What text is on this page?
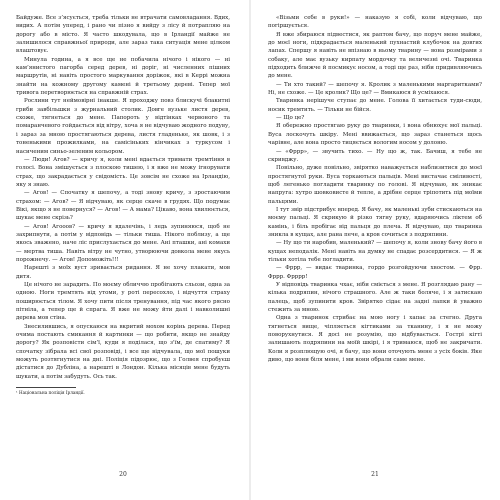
Байдуже. Все з’ясується, треба тільки не втрачати самовладання. Вдих, видих. А потім уперед, і рано чи пізно я вийду з лісу й потрапляю на дорогу або в місто. Я часто шкодувала, що в Ірландії майже не залишилося справжньої природи, але зараз така ситуація мене цілком влаштовує.

Минула година, а я все ще не побачила нічого і нікого — ні кам’янистого пагорба серед дерев, ні доріг, ні численних пішних маршрутів, ні навіть простого маркування доріжок, які в Керрі можна знайти на кожному другому камені й третьому дереві. Тепер мої тривога перетворюється на справжній страх.

Рослини тут неймовірні інакше. Я проходжу повз блискучі блакитні гриби завбільшки з журнальний столик. Довге вузьке листя дерев, схоже, тягнеться до мене. Папороть у відтінках червоного та помаранчевого гойдається від вітру, хоча я не відчуваю жодного подуву, і зараз за мною простягаються дерева, листя гладеньке, як шовк, і з тоненькими прожилками, на самісіньких кінчиках з туркусом і насиченим синьо-зеленим кольором.

— Люди! Агов? — кричу я, коли мені вдається тримати тремтіння в голосі. Вона змішується з плоскою тишею, і я вже не можу ігнорувати страх, що закрадається у свідомість. Це зовсім не схоже на Ірландію, яку я знаю.

— Агов! — Спочатку я шепочу, а тоді знову кричу, з зростаючим страхом: — Агов? — Я відчуваю, як серце скаче в грудях. Що подумає Вікі, якщо я не повернуся? — Агов! — А мама? Цікаво, вона хвилюється, шукає мене скрізь?

— Агов! Агооов? — кричу я вдалечінь, і ледь зупиняюся, щоб не захрипнути, а потім у відповідь — тільки тиша. Нікого поблизу, а ще якось зважено, наче ліс прислухається до мене. Ані пташки, ані комахи — мертва тиша. Навіть вітру не чутно, утворюючи довкола мене якусь порожнечу. — Агов! Допоможіть!!!

Нарешті з моїх вуст зривається ридання. Я не хочу плакати, мов дитя.

Це нічого не зарадить. По моєму обличчю пробігають сльози, одна за одною. Ноги тремтять від утоми, у роті пересохло, і відчуття страху поширюється тілом. Я хочу пити після тренування, під час якого рясно пітніла, а тепер ще й спрага. Я вже не можу йти далі і навколишні дерева мов стіна.

Знесилившись, я опускаюся на вкритий мохом корінь дерева. Перед очима постають смикання й картинки — що робити, якщо не знайду дорогу? Як розповісти сім’ї, куди я поділася, що з'їм, де спатиму? Я спочатку зібрала всі свої розповіді, і все ще відчувала, що мої пошуки можуть розтягнутися на дні. Поліція підозрює, що з Голвея спробуєш дістатися до Дубліна, а нарешті в Лондон. Кілька місяців мене будуть шукати, а потім забудуть. Ось так.

¹ Національна поліція Ірландії.
20

«Візьми себе в руки!» — наказую я собі, коли відчуваю, що погіршується.

Я вже збираюся підвестися, як раптом бачу, що поруч мене майже, до моєї ноги, підкрадається маленький пухнастий клубочок на довгих лапах. Спершу я навіть не впізнаю в ньому тварину — вона розмірами з собаку, але має вузьку кирпату мордочку та величезні очі. Тваринка підходить ближче й посмикує носом, а тоді ще раз, ніби придивляючись до мене.

— Ти хто такий? — шепочу я. Кролик з маленькими маргаритками? Ні, не схоже. — Це кролик? Що це? — Вмикаюся й усміхаюся.

Тваринка нерішуче ступає до мене. Голова її хитається туди-сюди, носик тремтить. — Тільки не бійся.

— Що це?

Я обережно простягаю руку до тваринки, і вона обнюхує мої пальці. Вуса лоскочуть шкіру. Мені ввижається, що зараз станеться щось чарівне, але вона просто тицяється вологим носом у долоню.

— «Фррр», — звучить тихо. — Ну що ж, так. Бачиш, я тебе не скривджу.

Повільно, дуже повільно, звірятко наважується наблизитися до моєї простягнутої руки. Вуса торкаються пальців. Мені вистачає сміливості, щоб легенько погладити тваринку по голові. Я відчуваю, як зникає напруга: хутро шовковисте й тепле, а дрібне серце тріпотить під моїми пальцями.

І тут звір підстрибує вперед. Я бачу, як маленькі зуби стискаються на моєму пальці. Я скрикую й різко тягну руку, вдаряючись ліктем об камінь, і біль пробігає від пальця до плеча. Я відчуваю, що тваринка зникла в кущах, але рана пече, а кров сочиться з подряпини.

— Ну що ти наробив, маленький? — шепочу я, коли знову бачу його в кущах неподалік. Мені навіть на думку не спадає розсердитися. — Я ж тільки хотіла тебе погладити.

— Фррр, — видає тваринка, гордо розгойдуючи хвостом. — Фрр. Фррр. Фрррр!

У відповідь тваринка чхає, ніби сміється з мене. Я розглядаю рану — кілька подряпин, нічого страшного. Але ж таки боляче, і я затискаю палець, щоб зупинити кров. Звірятко сідає на задні лапки й уважно стежить за мною.

Одна з тваринок стрибає на мою ногу і хапає за стегно. Друга тягнеться вище, чіпляється кігтиками за тканину, і я не можу поворухнутися. Я досі не розумію, що відбувається. Гострі кігті залишають подряпини на моїй шкірі, і я тримаюся, щоб не закричати. Коли я розплющую очі, я бачу, що вони оточують мене з усіх боків. Яке диво, що вони біля мене, і ми вони обрали саме мене.

21
